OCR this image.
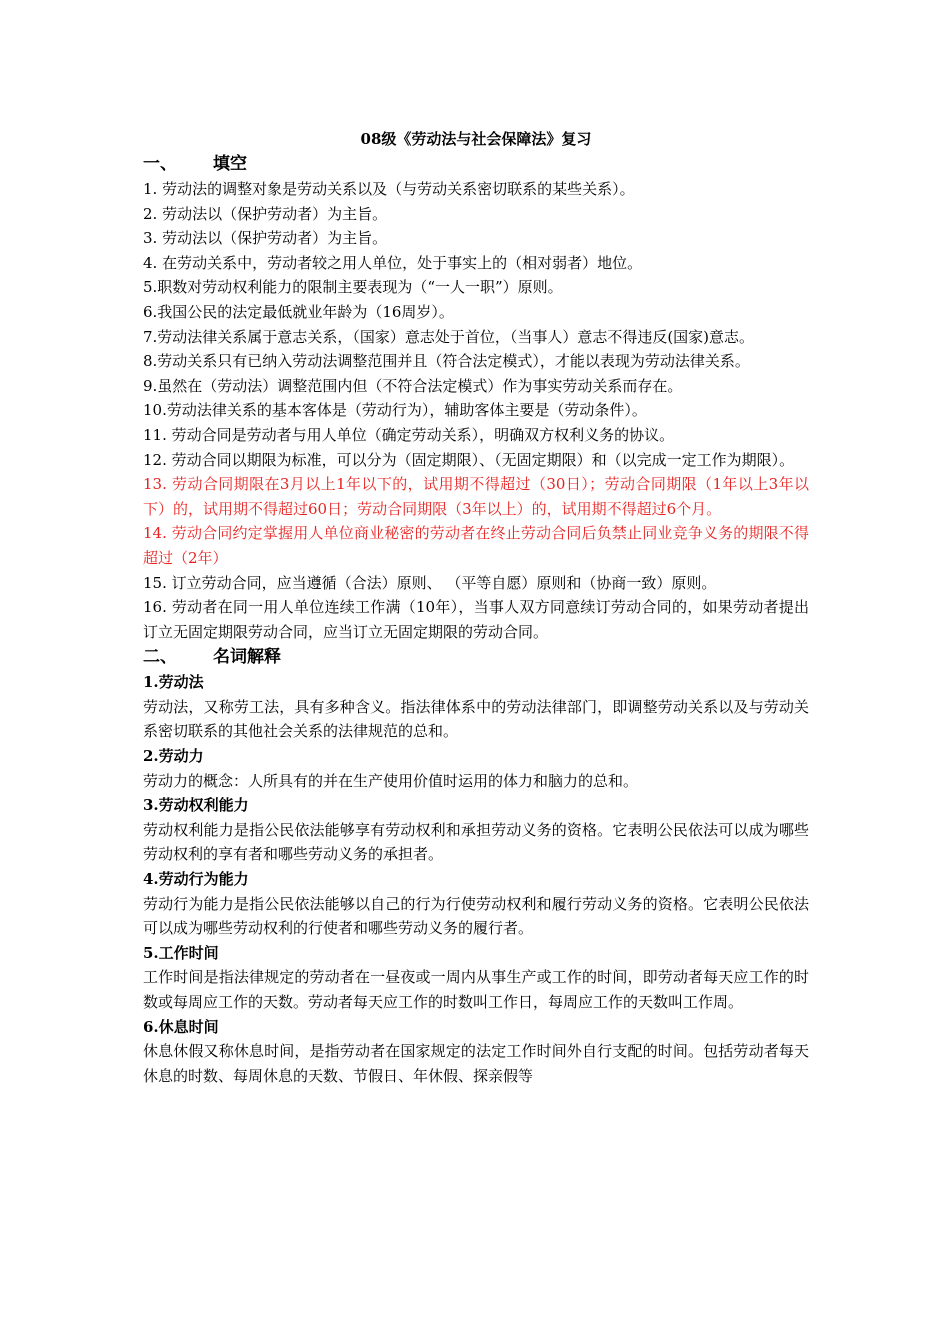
08级《劳动法与社会保障法》复习
一、 填空
1. 劳动法的调整对象是劳动关系以及（与劳动关系密切联系的某些关系）。
2. 劳动法以（保护劳动者）为主旨。
3. 劳动法以（保护劳动者）为主旨。
4. 在劳动关系中，劳动者较之用人单位，处于事实上的（相对弱者）地位。
5.职数对劳动权利能力的限制主要表现为（“一人一职”）原则。
6.我国公民的法定最低就业年龄为（16周岁）。
7.劳动法律关系属于意志关系，（国家）意志处于首位，（当事人）意志不得违反(国家)意志。
8.劳动关系只有已纳入劳动法调整范围并且（符合法定模式），才能以表现为劳动法律关系。
9.虽然在（劳动法）调整范围内但（不符合法定模式）作为事实劳动关系而存在。
10.劳动法律关系的基本客体是（劳动行为），辅助客体主要是（劳动条件）。
11. 劳动合同是劳动者与用人单位（确定劳动关系），明确双方权利义务的协议。
12. 劳动合同以期限为标准，可以分为（固定期限）、（无固定期限）和（以完成一定工作为期限）。
13. 劳动合同期限在3月以上1年以下的，试用期不得超过（30日）；劳动合同期限（1年以上3年以下）的，试用期不得超过60日；劳动合同期限（3年以上）的，试用期不得超过6个月。
14. 劳动合同约定掌握用人单位商业秘密的劳动者在终止劳动合同后负禁止同业竞争义务的期限不得超过（2年）
15. 订立劳动合同，应当遵循（合法）原则、 （平等自愿）原则和（协商一致）原则。
16. 劳动者在同一用人单位连续工作满（10年），当事人双方同意续订劳动合同的，如果劳动者提出订立无固定期限劳动合同，应当订立无固定期限的劳动合同。
二、 名词解释
1.劳动法
劳动法，又称劳工法，具有多种含义。指法律体系中的劳动法律部门，即调整劳动关系以及与劳动关系密切联系的其他社会关系的法律规范的总和。
2.劳动力
劳动力的概念：人所具有的并在生产使用价值时运用的体力和脑力的总和。
3.劳动权利能力
劳动权利能力是指公民依法能够享有劳动权利和承担劳动义务的资格。它表明公民依法可以成为哪些劳动权利的享有者和哪些劳动义务的承担者。
4.劳动行为能力
劳动行为能力是指公民依法能够以自己的行为行使劳动权利和履行劳动义务的资格。它表明公民依法可以成为哪些劳动权利的行使者和哪些劳动义务的履行者。
5.工作时间
工作时间是指法律规定的劳动者在一昼夜或一周内从事生产或工作的时间，即劳动者每天应工作的时数或每周应工作的天数。劳动者每天应工作的时数叫工作日，每周应工作的天数叫工作周。
6.休息时间
休息休假又称休息时间，是指劳动者在国家规定的法定工作时间外自行支配的时间。包括劳动者每天休息的时数、每周休息的天数、节假日、年休假、探亲假等
